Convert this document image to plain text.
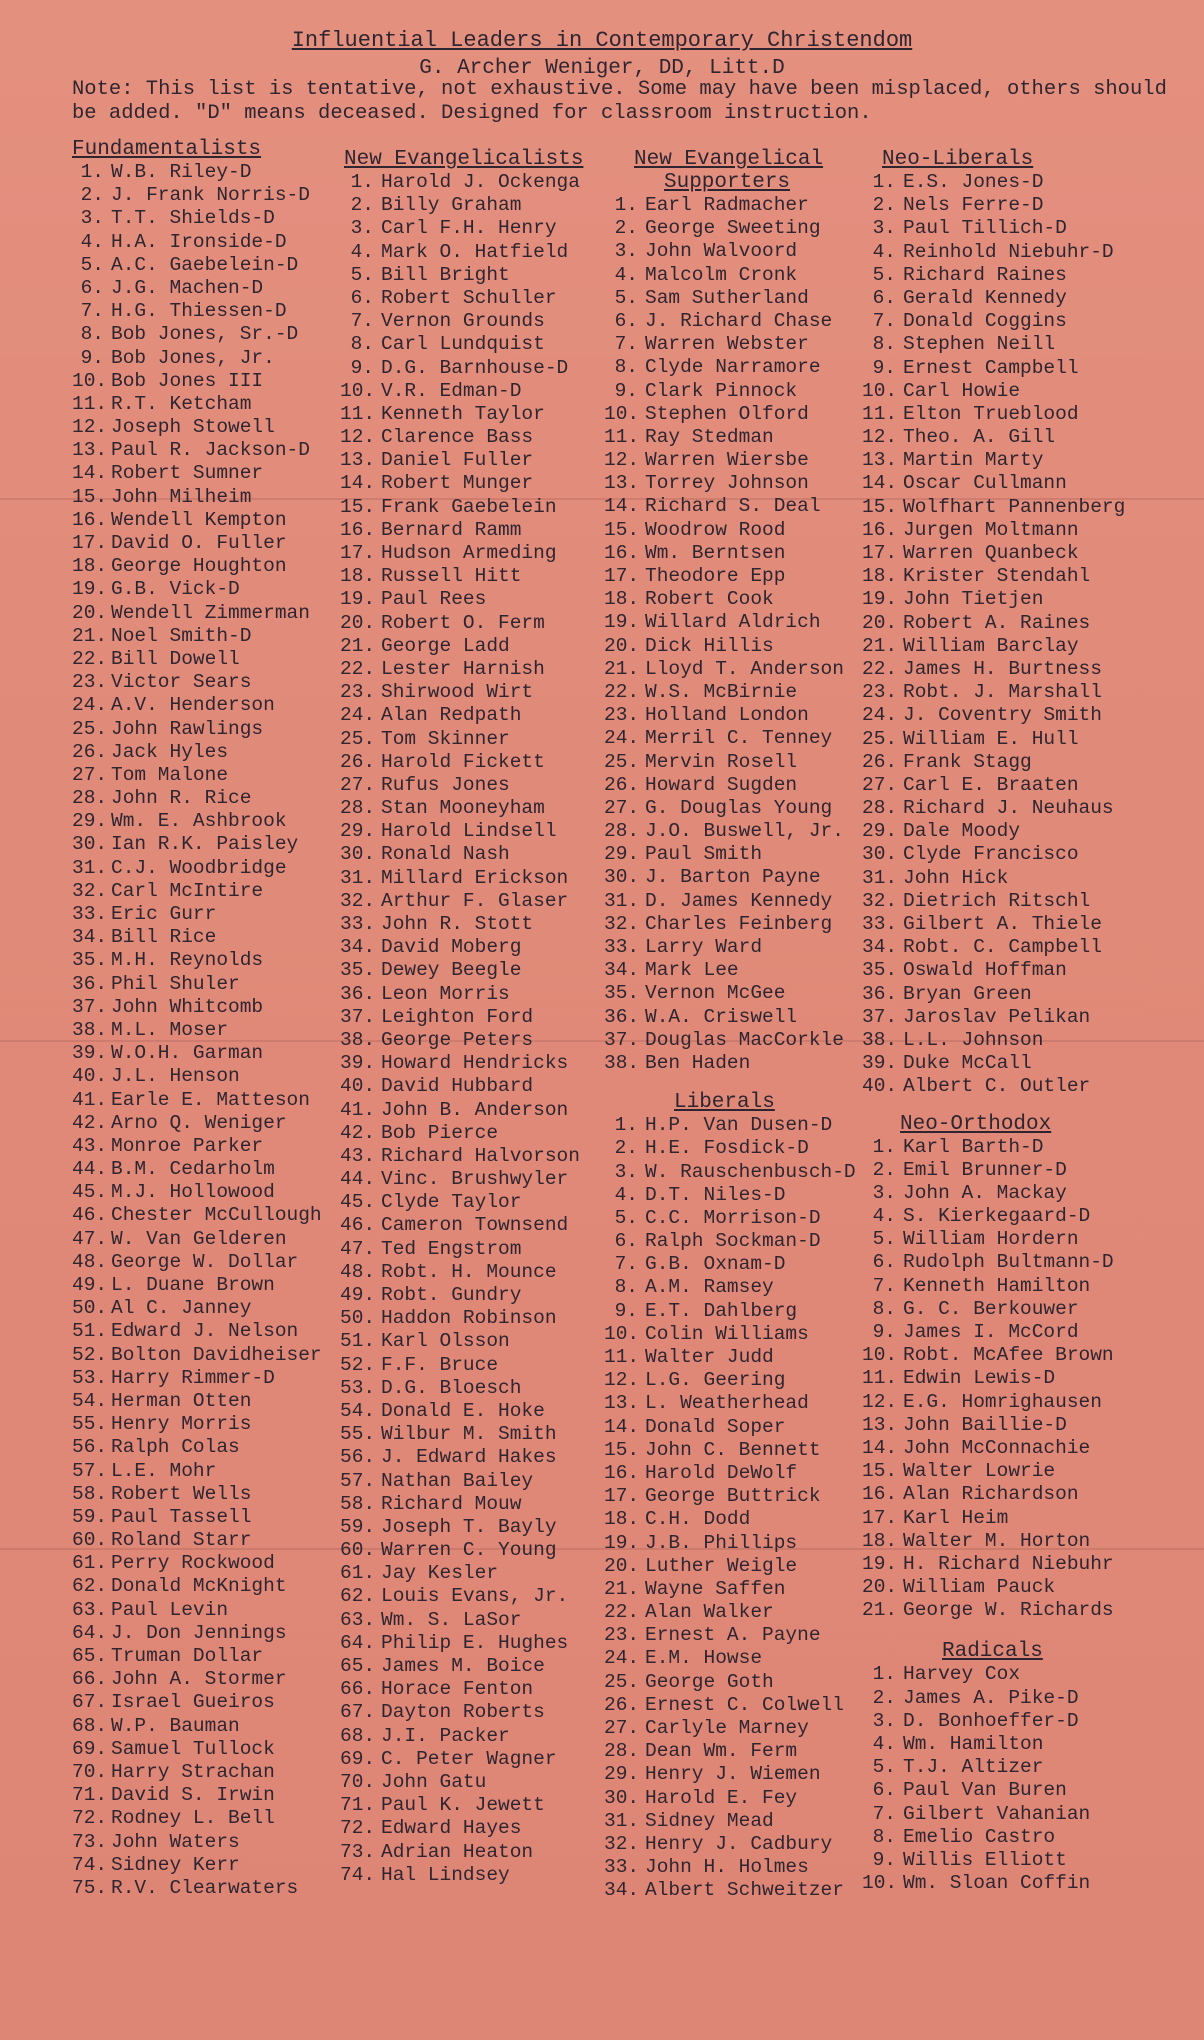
Influential Leaders in Contemporary Christendom
G. Archer Weniger, DD, Litt.D
Note: This list is tentative, not exhaustive. Some may have been misplaced, others should be added. "D" means deceased. Designed for classroom instruction.
Fundamentalists
1. W.B. Riley-D
2. J. Frank Norris-D
3. T.T. Shields-D
4. H.A. Ironside-D
5. A.C. Gaebelein-D
6. J.G. Machen-D
7. H.G. Thiessen-D
8. Bob Jones, Sr.-D
9. Bob Jones, Jr.
10. Bob Jones III
11. R.T. Ketcham
12. Joseph Stowell
13. Paul R. Jackson-D
14. Robert Sumner
15. John Milheim
16. Wendell Kempton
17. David O. Fuller
18. George Houghton
19. G.B. Vick-D
20. Wendell Zimmerman
21. Noel Smith-D
22. Bill Dowell
23. Victor Sears
24. A.V. Henderson
25. John Rawlings
26. Jack Hyles
27. Tom Malone
28. John R. Rice
29. Wm. E. Ashbrook
30. Ian R.K. Paisley
31. C.J. Woodbridge
32. Carl McIntire
33. Eric Gurr
34. Bill Rice
35. M.H. Reynolds
36. Phil Shuler
37. John Whitcomb
38. M.L. Moser
39. W.O.H. Garman
40. J.L. Henson
41. Earle E. Matteson
42. Arno Q. Weniger
43. Monroe Parker
44. B.M. Cedarholm
45. M.J. Hollowood
46. Chester McCullough
47. W. Van Gelderen
48. George W. Dollar
49. L. Duane Brown
50. Al C. Janney
51. Edward J. Nelson
52. Bolton Davidheiser
53. Harry Rimmer-D
54. Herman Otten
55. Henry Morris
56. Ralph Colas
57. L.E. Mohr
58. Robert Wells
59. Paul Tassell
60. Roland Starr
61. Perry Rockwood
62. Donald McKnight
63. Paul Levin
64. J. Don Jennings
65. Truman Dollar
66. John A. Stormer
67. Israel Gueiros
68. W.P. Bauman
69. Samuel Tullock
70. Harry Strachan
71. David S. Irwin
72. Rodney L. Bell
73. John Waters
74. Sidney Kerr
75. R.V. Clearwaters
New Evangelicalists
1. Harold J. Ockenga
2. Billy Graham
3. Carl F.H. Henry
4. Mark O. Hatfield
5. Bill Bright
6. Robert Schuller
7. Vernon Grounds
8. Carl Lundquist
9. D.G. Barnhouse-D
10. V.R. Edman-D
11. Kenneth Taylor
12. Clarence Bass
13. Daniel Fuller
14. Robert Munger
15. Frank Gaebelein
16. Bernard Ramm
17. Hudson Armeding
18. Russell Hitt
19. Paul Rees
20. Robert O. Ferm
21. George Ladd
22. Lester Harnish
23. Shirwood Wirt
24. Alan Redpath
25. Tom Skinner
26. Harold Fickett
27. Rufus Jones
28. Stan Mooneyham
29. Harold Lindsell
30. Ronald Nash
31. Millard Erickson
32. Arthur F. Glaser
33. John R. Stott
34. David Moberg
35. Dewey Beegle
36. Leon Morris
37. Leighton Ford
38. George Peters
39. Howard Hendricks
40. David Hubbard
41. John B. Anderson
42. Bob Pierce
43. Richard Halvorson
44. Vinc. Brushwyler
45. Clyde Taylor
46. Cameron Townsend
47. Ted Engstrom
48. Robt. H. Mounce
49. Robt. Gundry
50. Haddon Robinson
51. Karl Olsson
52. F.F. Bruce
53. D.G. Bloesch
54. Donald E. Hoke
55. Wilbur M. Smith
56. J. Edward Hakes
57. Nathan Bailey
58. Richard Mouw
59. Joseph T. Bayly
60. Warren C. Young
61. Jay Kesler
62. Louis Evans, Jr.
63. Wm. S. LaSor
64. Philip E. Hughes
65. James M. Boice
66. Horace Fenton
67. Dayton Roberts
68. J.I. Packer
69. C. Peter Wagner
70. John Gatu
71. Paul K. Jewett
72. Edward Hayes
73. Adrian Heaton
74. Hal Lindsey
New Evangelical
Supporters
1. Earl Radmacher
2. George Sweeting
3. John Walvoord
4. Malcolm Cronk
5. Sam Sutherland
6. J. Richard Chase
7. Warren Webster
8. Clyde Narramore
9. Clark Pinnock
10. Stephen Olford
11. Ray Stedman
12. Warren Wiersbe
13. Torrey Johnson
14. Richard S. Deal
15. Woodrow Rood
16. Wm. Berntsen
17. Theodore Epp
18. Robert Cook
19. Willard Aldrich
20. Dick Hillis
21. Lloyd T. Anderson
22. W.S. McBirnie
23. Holland London
24. Merril C. Tenney
25. Mervin Rosell
26. Howard Sugden
27. G. Douglas Young
28. J.O. Buswell, Jr.
29. Paul Smith
30. J. Barton Payne
31. D. James Kennedy
32. Charles Feinberg
33. Larry Ward
34. Mark Lee
35. Vernon McGee
36. W.A. Criswell
37. Douglas MacCorkle
38. Ben Haden
Liberals
1. H.P. Van Dusen-D
2. H.E. Fosdick-D
3. W. Rauschenbusch-D
4. D.T. Niles-D
5. C.C. Morrison-D
6. Ralph Sockman-D
7. G.B. Oxnam-D
8. A.M. Ramsey
9. E.T. Dahlberg
10. Colin Williams
11. Walter Judd
12. L.G. Geering
13. L. Weatherhead
14. Donald Soper
15. John C. Bennett
16. Harold DeWolf
17. George Buttrick
18. C.H. Dodd
19. J.B. Phillips
20. Luther Weigle
21. Wayne Saffen
22. Alan Walker
23. Ernest A. Payne
24. E.M. Howse
25. George Goth
26. Ernest C. Colwell
27. Carlyle Marney
28. Dean Wm. Ferm
29. Henry J. Wiemen
30. Harold E. Fey
31. Sidney Mead
32. Henry J. Cadbury
33. John H. Holmes
34. Albert Schweitzer
Neo-Liberals
1. E.S. Jones-D
2. Nels Ferre-D
3. Paul Tillich-D
4. Reinhold Niebuhr-D
5. Richard Raines
6. Gerald Kennedy
7. Donald Coggins
8. Stephen Neill
9. Ernest Campbell
10. Carl Howie
11. Elton Trueblood
12. Theo. A. Gill
13. Martin Marty
14. Oscar Cullmann
15. Wolfhart Pannenberg
16. Jurgen Moltmann
17. Warren Quanbeck
18. Krister Stendahl
19. John Tietjen
20. Robert A. Raines
21. William Barclay
22. James H. Burtness
23. Robt. J. Marshall
24. J. Coventry Smith
25. William E. Hull
26. Frank Stagg
27. Carl E. Braaten
28. Richard J. Neuhaus
29. Dale Moody
30. Clyde Francisco
31. John Hick
32. Dietrich Ritschl
33. Gilbert A. Thiele
34. Robt. C. Campbell
35. Oswald Hoffman
36. Bryan Green
37. Jaroslav Pelikan
38. L.L. Johnson
39. Duke McCall
40. Albert C. Outler
Neo-Orthodox
1. Karl Barth-D
2. Emil Brunner-D
3. John A. Mackay
4. S. Kierkegaard-D
5. William Hordern
6. Rudolph Bultmann-D
7. Kenneth Hamilton
8. G. C. Berkouwer
9. James I. McCord
10. Robt. McAfee Brown
11. Edwin Lewis-D
12. E.G. Homrighausen
13. John Baillie-D
14. John McConnachie
15. Walter Lowrie
16. Alan Richardson
17. Karl Heim
18. Walter M. Horton
19. H. Richard Niebuhr
20. William Pauck
21. George W. Richards
Radicals
1. Harvey Cox
2. James A. Pike-D
3. D. Bonhoeffer-D
4. Wm. Hamilton
5. T.J. Altizer
6. Paul Van Buren
7. Gilbert Vahanian
8. Emelio Castro
9. Willis Elliott
10. Wm. Sloan Coffin
